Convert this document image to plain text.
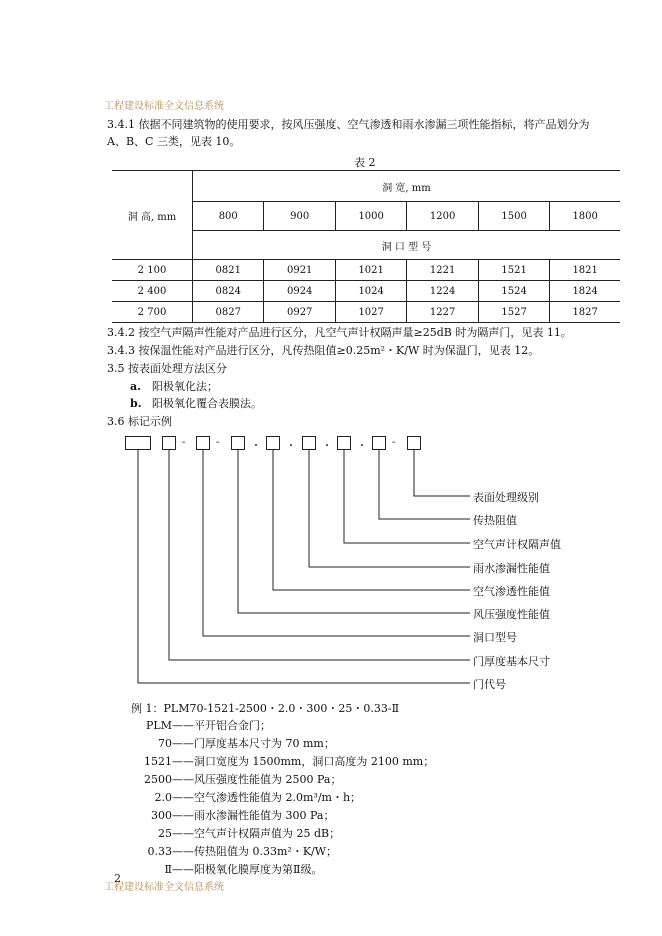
工程建设标准全文信息系统
3.4.1 依据不同建筑物的使用要求，按风压强度、空气渗透和雨水渗漏三项性能指标，将产品划分为
A、B、C 三类，见表 10。
表 2
洞 高, mm	洞 宽, mm					
	800	900	1000	1200	1500	1800
	洞 口 型 号					
2 100	0821	0921	1021	1221	1521	1821
2 400	0824	0924	1024	1224	1524	1824
2 700	0827	0927	1027	1227	1527	1827
3.4.2 按空气声隔声性能对产品进行区分，凡空气声计权隔声量≥25dB 时为隔声门，见表 11。
3.4.3 按保温性能对产品进行区分，凡传热阻值≥0.25m²・K/W 时为保温门，见表 12。
3.5 按表面处理方法区分
a. 阳极氧化法；
b. 阳极氧化覆合表膜法。
3.6 标记示例
-	-	・	・	・	・	-
表面处理级别
传热阻值
空气声计权隔声值
雨水渗漏性能值
空气渗透性能值
风压强度性能值
洞口型号
门厚度基本尺寸
门代号
例 1：PLM70-1521-2500・2.0・300・25・0.33-Ⅱ
PLM——平开铝合金门；
70——门厚度基本尺寸为 70 mm；
1521——洞口宽度为 1500mm，洞口高度为 2100 mm；
2500——风压强度性能值为 2500 Pa；
2.0——空气渗透性能值为 2.0m³/m・h；
300——雨水渗漏性能值为 300 Pa；
25——空气声计权隔声值为 25 dB；
0.33——传热阻值为 0.33m²・K/W；
Ⅱ——阳极氧化膜厚度为第Ⅱ级。
2
工程建设标准全文信息系统
